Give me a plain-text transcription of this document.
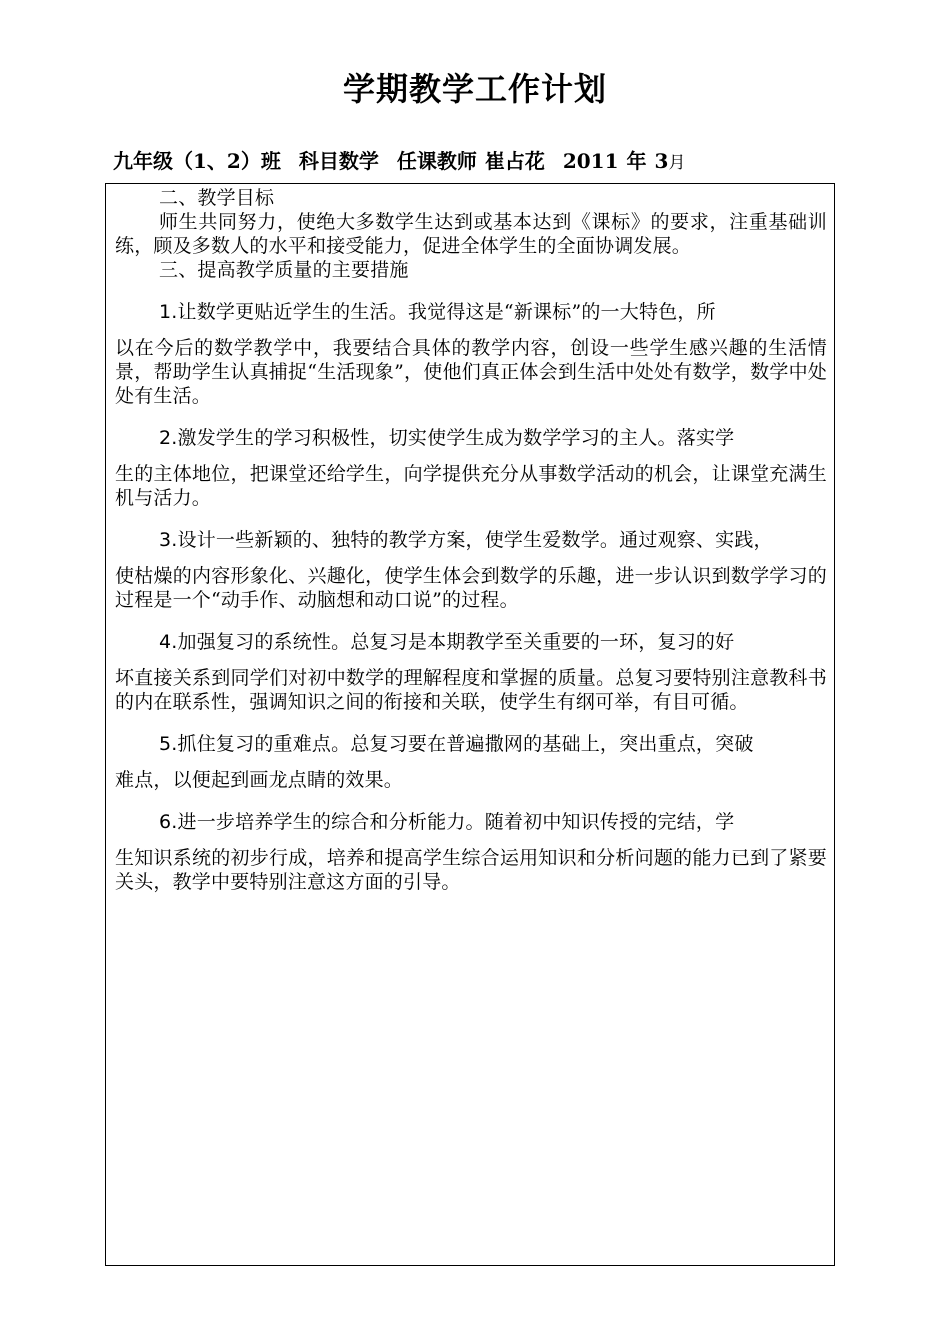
学期教学工作计划
九年级（1、2）班 科目数学 任课教师 崔占花 2011 年 3月

二、教学目标

师生共同努力，使绝大多数学生达到或基本达到《课标》的要求，注重基础训练，顾及多数人的水平和接受能力，促进全体学生的全面协调发展。

三、提高教学质量的主要措施

1.让数学更贴近学生的生活。我觉得这是“新课标”的一大特色，所

以在今后的数学教学中，我要结合具体的教学内容，创设一些学生感兴趣的生活情景，帮助学生认真捕捉“生活现象”，使他们真正体会到生活中处处有数学，数学中处处有生活。

2.激发学生的学习积极性，切实使学生成为数学学习的主人。落实学

生的主体地位，把课堂还给学生，向学提供充分从事数学活动的机会，让课堂充满生机与活力。

3.设计一些新颖的、独特的教学方案，使学生爱数学。通过观察、实践，

使枯燥的内容形象化、兴趣化，使学生体会到数学的乐趣，进一步认识到数学学习的过程是一个“动手作、动脑想和动口说”的过程。

4.加强复习的系统性。总复习是本期教学至关重要的一环，复习的好

坏直接关系到同学们对初中数学的理解程度和掌握的质量。总复习要特别注意教科书的内在联系性，强调知识之间的衔接和关联，使学生有纲可举，有目可循。

5.抓住复习的重难点。总复习要在普遍撒网的基础上，突出重点，突破

难点，以便起到画龙点睛的效果。

6.进一步培养学生的综合和分析能力。随着初中知识传授的完结，学

生知识系统的初步行成，培养和提高学生综合运用知识和分析问题的能力已到了紧要关头，教学中要特别注意这方面的引导。
